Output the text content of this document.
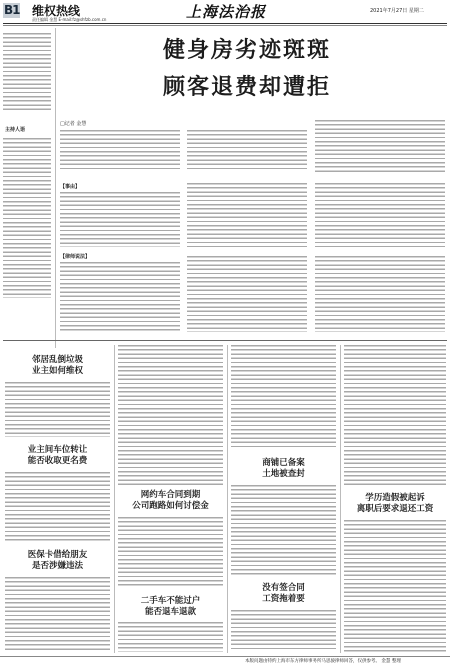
B1 维权热线
责任编辑 金慧 E-mail:fz@shfzb.com.cn	上海法治报	2021年7月27日 星期二
健身房劣迹斑斑
顾客退费却遭拒
主持人语
□记者 金慧
【事由】
【律师说法】
邻居乱倒垃圾
业主如何维权
业主间车位转让
能否收取更名费
医保卡借给朋友
是否涉嫌违法
网约车合同到期
公司跑路如何讨偿金
二手车不能过户
能否退车退款
商铺已备案
土地被查封
没有签合同
工资拖着要
学历造假被起诉
离职后要求退还工资
本版问题由特约上海市东方律师事务所马思骏律师回答，仅供参考。 金慧 整理
